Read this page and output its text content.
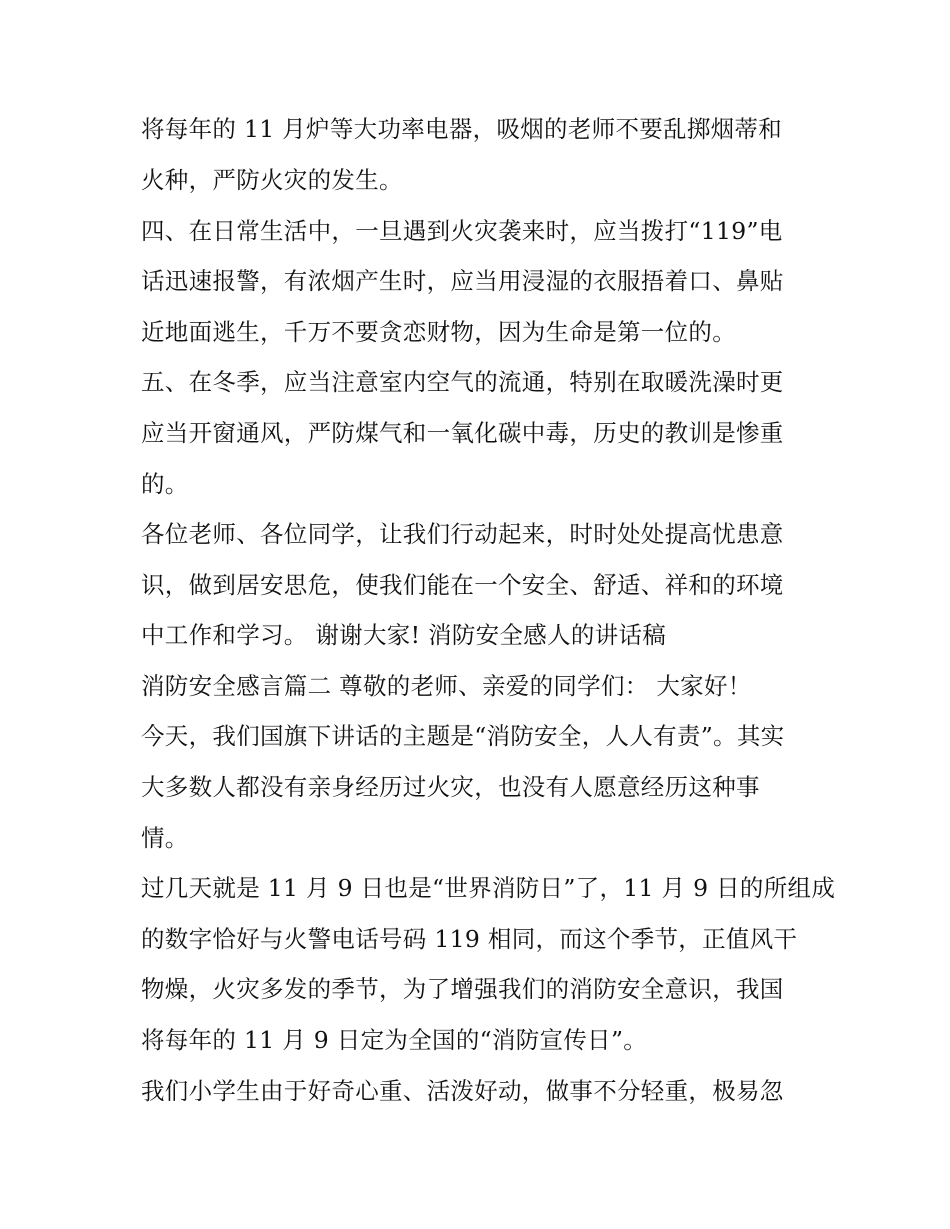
将每年的 11 月炉等大功率电器，吸烟的老师不要乱掷烟蒂和
火种，严防火灾的发生。
四、在日常生活中，一旦遇到火灾袭来时，应当拨打“119”电
话迅速报警，有浓烟产生时，应当用浸湿的衣服捂着口、鼻贴
近地面逃生，千万不要贪恋财物，因为生命是第一位的。
五、在冬季，应当注意室内空气的流通，特别在取暖洗澡时更
应当开窗通风，严防煤气和一氧化碳中毒，历史的教训是惨重
的。
各位老师、各位同学，让我们行动起来，时时处处提高忧患意
识，做到居安思危，使我们能在一个安全、舒适、祥和的环境
中工作和学习。 谢谢大家! 消防安全感人的讲话稿
消防安全感言篇二 尊敬的老师、亲爱的同学们： 大家好！
今天，我们国旗下讲话的主题是“消防安全，人人有责”。其实
大多数人都没有亲身经历过火灾，也没有人愿意经历这种事
情。
过几天就是 11 月 9 日也是“世界消防日”了，11 月 9 日的所组成
的数字恰好与火警电话号码 119 相同，而这个季节，正值风干
物燥，火灾多发的季节，为了增强我们的消防安全意识，我国
将每年的 11 月 9 日定为全国的“消防宣传日”。
我们小学生由于好奇心重、活泼好动，做事不分轻重，极易忽
